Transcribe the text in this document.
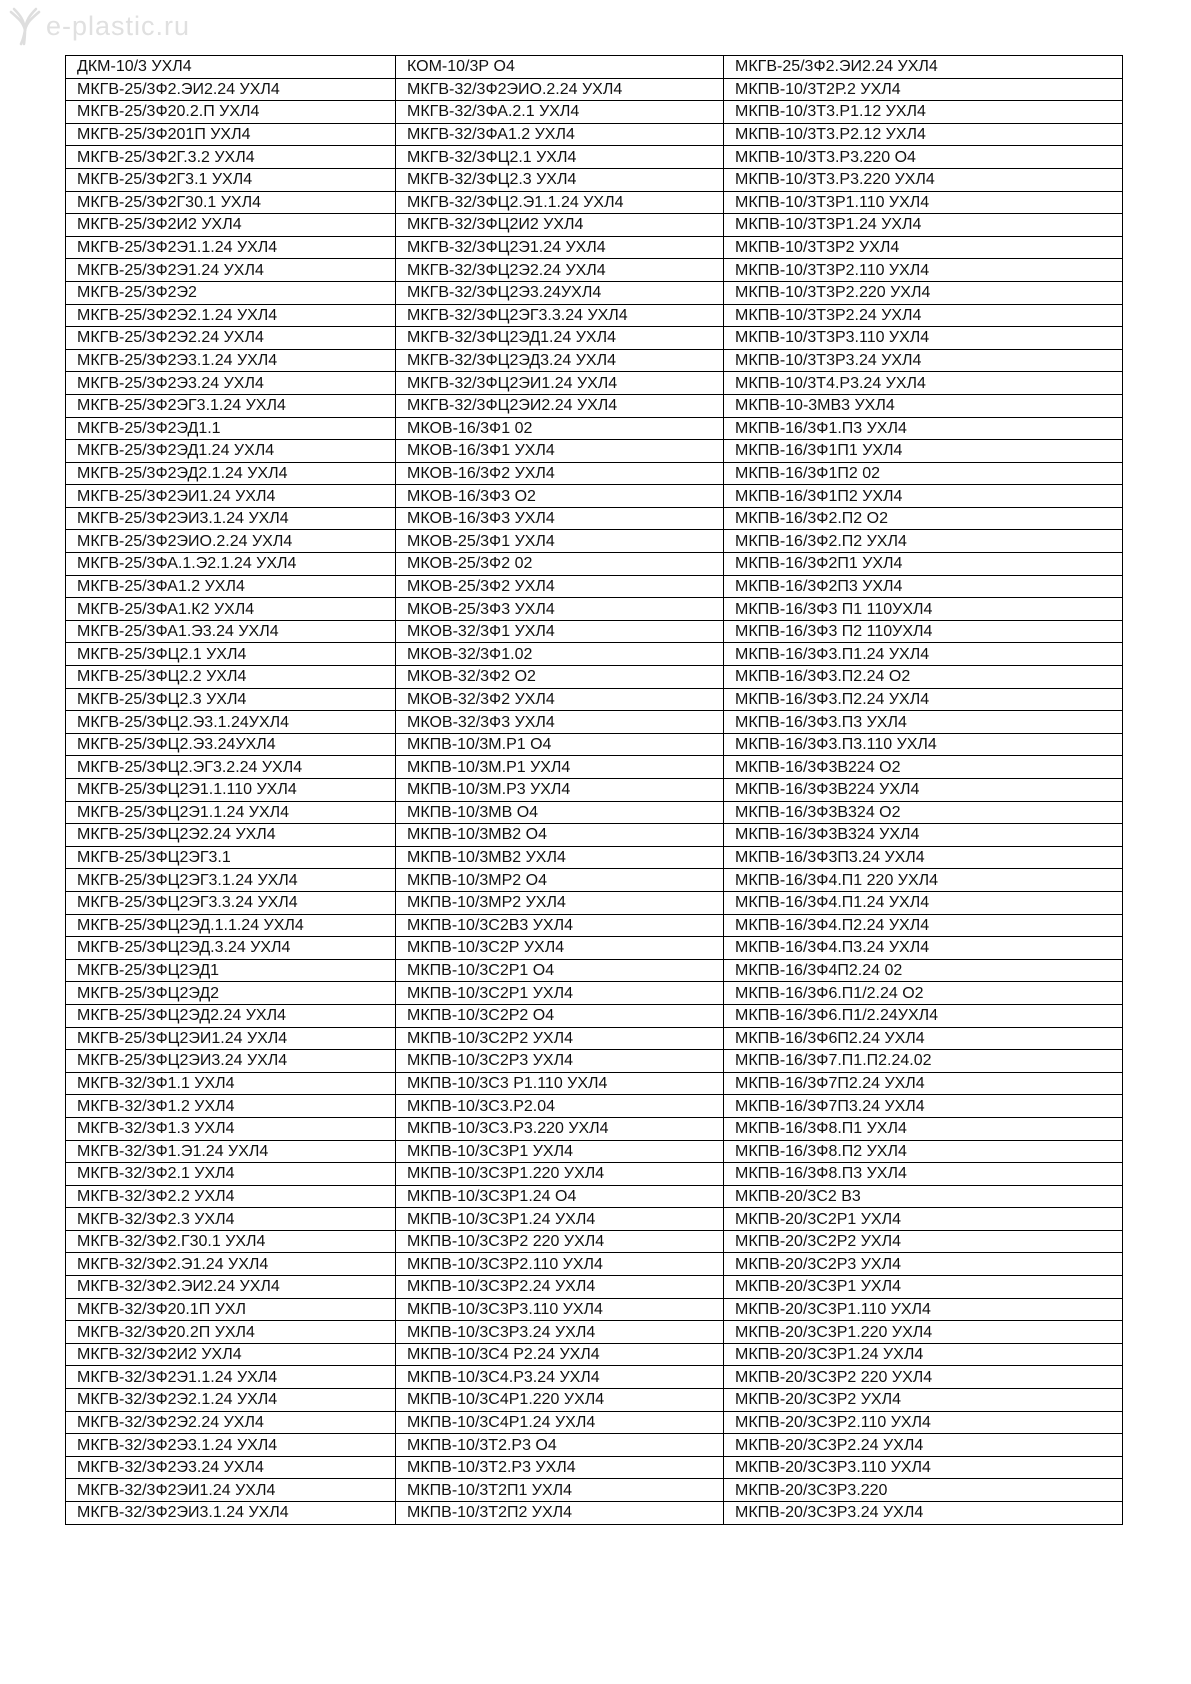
e-plastic.ru
ДКМ-10/3 УХЛ4	КОМ-10/3Р О4	МКГВ-25/3Ф2.ЭИ2.24 УХЛ4
МКГВ-25/3Ф2.ЭИ2.24 УХЛ4	МКГВ-32/3Ф2ЭИО.2.24 УХЛ4	МКПВ-10/3Т2Р.2 УХЛ4
МКГВ-25/3Ф20.2.П УХЛ4	МКГВ-32/3ФА.2.1 УХЛ4	МКПВ-10/3Т3.Р1.12 УХЛ4
МКГВ-25/3Ф201П УХЛ4	МКГВ-32/3ФА1.2 УХЛ4	МКПВ-10/3Т3.Р2.12 УХЛ4
МКГВ-25/3Ф2Г.3.2 УХЛ4	МКГВ-32/3ФЦ2.1 УХЛ4	МКПВ-10/3Т3.Р3.220 О4
МКГВ-25/3Ф2Г3.1 УХЛ4	МКГВ-32/3ФЦ2.3 УХЛ4	МКПВ-10/3Т3.Р3.220 УХЛ4
МКГВ-25/3Ф2Г30.1 УХЛ4	МКГВ-32/3ФЦ2.Э1.1.24 УХЛ4	МКПВ-10/3Т3Р1.110 УХЛ4
МКГВ-25/3Ф2И2 УХЛ4	МКГВ-32/3ФЦ2И2 УХЛ4	МКПВ-10/3Т3Р1.24 УХЛ4
МКГВ-25/3Ф2Э1.1.24 УХЛ4	МКГВ-32/3ФЦ2Э1.24 УХЛ4	МКПВ-10/3Т3Р2 УХЛ4
МКГВ-25/3Ф2Э1.24 УХЛ4	МКГВ-32/3ФЦ2Э2.24 УХЛ4	МКПВ-10/3Т3Р2.110 УХЛ4
МКГВ-25/3Ф2Э2	МКГВ-32/3ФЦ2Э3.24УХЛ4	МКПВ-10/3Т3Р2.220 УХЛ4
МКГВ-25/3Ф2Э2.1.24 УХЛ4	МКГВ-32/3ФЦ2ЭГ3.3.24 УХЛ4	МКПВ-10/3Т3Р2.24 УХЛ4
МКГВ-25/3Ф2Э2.24 УХЛ4	МКГВ-32/3ФЦ2ЭД1.24 УХЛ4	МКПВ-10/3Т3Р3.110 УХЛ4
МКГВ-25/3Ф2Э3.1.24 УХЛ4	МКГВ-32/3ФЦ2ЭД3.24 УХЛ4	МКПВ-10/3Т3Р3.24 УХЛ4
МКГВ-25/3Ф2Э3.24 УХЛ4	МКГВ-32/3ФЦ2ЭИ1.24 УХЛ4	МКПВ-10/3Т4.Р3.24 УХЛ4
МКГВ-25/3Ф2ЭГ3.1.24 УХЛ4	МКГВ-32/3ФЦ2ЭИ2.24 УХЛ4	МКПВ-10-3МВ3 УХЛ4
МКГВ-25/3Ф2ЭД1.1	МКОВ-16/3Ф1 02	МКПВ-16/3Ф1.П3 УХЛ4
МКГВ-25/3Ф2ЭД1.24 УХЛ4	МКОВ-16/3Ф1 УХЛ4	МКПВ-16/3Ф1П1 УХЛ4
МКГВ-25/3Ф2ЭД2.1.24 УХЛ4	МКОВ-16/3Ф2 УХЛ4	МКПВ-16/3Ф1П2 02
МКГВ-25/3Ф2ЭИ1.24 УХЛ4	МКОВ-16/3Ф3 О2	МКПВ-16/3Ф1П2 УХЛ4
МКГВ-25/3Ф2ЭИ3.1.24 УХЛ4	МКОВ-16/3Ф3 УХЛ4	МКПВ-16/3Ф2.П2 О2
МКГВ-25/3Ф2ЭИО.2.24 УХЛ4	МКОВ-25/3Ф1 УХЛ4	МКПВ-16/3Ф2.П2 УХЛ4
МКГВ-25/3ФА.1.Э2.1.24 УХЛ4	МКОВ-25/3Ф2 02	МКПВ-16/3Ф2П1 УХЛ4
МКГВ-25/3ФА1.2 УХЛ4	МКОВ-25/3Ф2 УХЛ4	МКПВ-16/3Ф2П3 УХЛ4
МКГВ-25/3ФА1.К2 УХЛ4	МКОВ-25/3Ф3 УХЛ4	МКПВ-16/3Ф3 П1 110УХЛ4
МКГВ-25/3ФА1.Э3.24 УХЛ4	МКОВ-32/3Ф1 УХЛ4	МКПВ-16/3Ф3 П2 110УХЛ4
МКГВ-25/3ФЦ2.1 УХЛ4	МКОВ-32/3Ф1.02	МКПВ-16/3Ф3.П1.24 УХЛ4
МКГВ-25/3ФЦ2.2 УХЛ4	МКОВ-32/3Ф2 О2	МКПВ-16/3Ф3.П2.24 О2
МКГВ-25/3ФЦ2.3 УХЛ4	МКОВ-32/3Ф2 УХЛ4	МКПВ-16/3Ф3.П2.24 УХЛ4
МКГВ-25/3ФЦ2.Э3.1.24УХЛ4	МКОВ-32/3Ф3 УХЛ4	МКПВ-16/3Ф3.П3 УХЛ4
МКГВ-25/3ФЦ2.Э3.24УХЛ4	МКПВ-10/3М.Р1 О4	МКПВ-16/3Ф3.П3.110 УХЛ4
МКГВ-25/3ФЦ2.ЭГ3.2.24 УХЛ4	МКПВ-10/3М.Р1 УХЛ4	МКПВ-16/3Ф3В224 О2
МКГВ-25/3ФЦ2Э1.1.110 УХЛ4	МКПВ-10/3М.Р3 УХЛ4	МКПВ-16/3Ф3В224 УХЛ4
МКГВ-25/3ФЦ2Э1.1.24 УХЛ4	МКПВ-10/3МВ О4	МКПВ-16/3Ф3В324 О2
МКГВ-25/3ФЦ2Э2.24 УХЛ4	МКПВ-10/3МВ2 О4	МКПВ-16/3Ф3В324 УХЛ4
МКГВ-25/3ФЦ2ЭГ3.1	МКПВ-10/3МВ2 УХЛ4	МКПВ-16/3Ф3П3.24 УХЛ4
МКГВ-25/3ФЦ2ЭГ3.1.24 УХЛ4	МКПВ-10/3МР2 О4	МКПВ-16/3Ф4.П1 220 УХЛ4
МКГВ-25/3ФЦ2ЭГ3.3.24 УХЛ4	МКПВ-10/3МР2 УХЛ4	МКПВ-16/3Ф4.П1.24 УХЛ4
МКГВ-25/3ФЦ2ЭД.1.1.24 УХЛ4	МКПВ-10/3С2В3 УХЛ4	МКПВ-16/3Ф4.П2.24 УХЛ4
МКГВ-25/3ФЦ2ЭД.3.24 УХЛ4	МКПВ-10/3С2Р УХЛ4	МКПВ-16/3Ф4.П3.24 УХЛ4
МКГВ-25/3ФЦ2ЭД1	МКПВ-10/3С2Р1 О4	МКПВ-16/3Ф4П2.24 02
МКГВ-25/3ФЦ2ЭД2	МКПВ-10/3С2Р1 УХЛ4	МКПВ-16/3Ф6.П1/2.24 О2
МКГВ-25/3ФЦ2ЭД2.24 УХЛ4	МКПВ-10/3С2Р2 О4	МКПВ-16/3Ф6.П1/2.24УХЛ4
МКГВ-25/3ФЦ2ЭИ1.24 УХЛ4	МКПВ-10/3С2Р2 УХЛ4	МКПВ-16/3Ф6П2.24 УХЛ4
МКГВ-25/3ФЦ2ЭИ3.24 УХЛ4	МКПВ-10/3С2Р3 УХЛ4	МКПВ-16/3Ф7.П1.П2.24.02
МКГВ-32/3Ф1.1 УХЛ4	МКПВ-10/3С3 Р1.110 УХЛ4	МКПВ-16/3Ф7П2.24 УХЛ4
МКГВ-32/3Ф1.2 УХЛ4	МКПВ-10/3С3.Р2.04	МКПВ-16/3Ф7П3.24 УХЛ4
МКГВ-32/3Ф1.3 УХЛ4	МКПВ-10/3С3.Р3.220 УХЛ4	МКПВ-16/3Ф8.П1 УХЛ4
МКГВ-32/3Ф1.Э1.24 УХЛ4	МКПВ-10/3С3Р1 УХЛ4	МКПВ-16/3Ф8.П2 УХЛ4
МКГВ-32/3Ф2.1 УХЛ4	МКПВ-10/3С3Р1.220 УХЛ4	МКПВ-16/3Ф8.П3 УХЛ4
МКГВ-32/3Ф2.2 УХЛ4	МКПВ-10/3С3Р1.24 О4	МКПВ-20/3С2 В3
МКГВ-32/3Ф2.3 УХЛ4	МКПВ-10/3С3Р1.24 УХЛ4	МКПВ-20/3С2Р1 УХЛ4
МКГВ-32/3Ф2.Г30.1 УХЛ4	МКПВ-10/3С3Р2 220 УХЛ4	МКПВ-20/3С2Р2 УХЛ4
МКГВ-32/3Ф2.Э1.24 УХЛ4	МКПВ-10/3С3Р2.110 УХЛ4	МКПВ-20/3С2Р3 УХЛ4
МКГВ-32/3Ф2.ЭИ2.24 УХЛ4	МКПВ-10/3С3Р2.24 УХЛ4	МКПВ-20/3С3Р1 УХЛ4
МКГВ-32/3Ф20.1П УХЛ	МКПВ-10/3С3Р3.110 УХЛ4	МКПВ-20/3С3Р1.110 УХЛ4
МКГВ-32/3Ф20.2П УХЛ4	МКПВ-10/3С3Р3.24 УХЛ4	МКПВ-20/3С3Р1.220 УХЛ4
МКГВ-32/3Ф2И2 УХЛ4	МКПВ-10/3С4 Р2.24 УХЛ4	МКПВ-20/3С3Р1.24 УХЛ4
МКГВ-32/3Ф2Э1.1.24 УХЛ4	МКПВ-10/3С4.Р3.24 УХЛ4	МКПВ-20/3С3Р2 220 УХЛ4
МКГВ-32/3Ф2Э2.1.24 УХЛ4	МКПВ-10/3С4Р1.220 УХЛ4	МКПВ-20/3С3Р2 УХЛ4
МКГВ-32/3Ф2Э2.24 УХЛ4	МКПВ-10/3С4Р1.24 УХЛ4	МКПВ-20/3С3Р2.110 УХЛ4
МКГВ-32/3Ф2Э3.1.24 УХЛ4	МКПВ-10/3Т2.Р3 О4	МКПВ-20/3С3Р2.24 УХЛ4
МКГВ-32/3Ф2Э3.24 УХЛ4	МКПВ-10/3Т2.Р3 УХЛ4	МКПВ-20/3С3Р3.110 УХЛ4
МКГВ-32/3Ф2ЭИ1.24 УХЛ4	МКПВ-10/3Т2П1 УХЛ4	МКПВ-20/3С3Р3.220
МКГВ-32/3Ф2ЭИ3.1.24 УХЛ4	МКПВ-10/3Т2П2 УХЛ4	МКПВ-20/3С3Р3.24 УХЛ4
